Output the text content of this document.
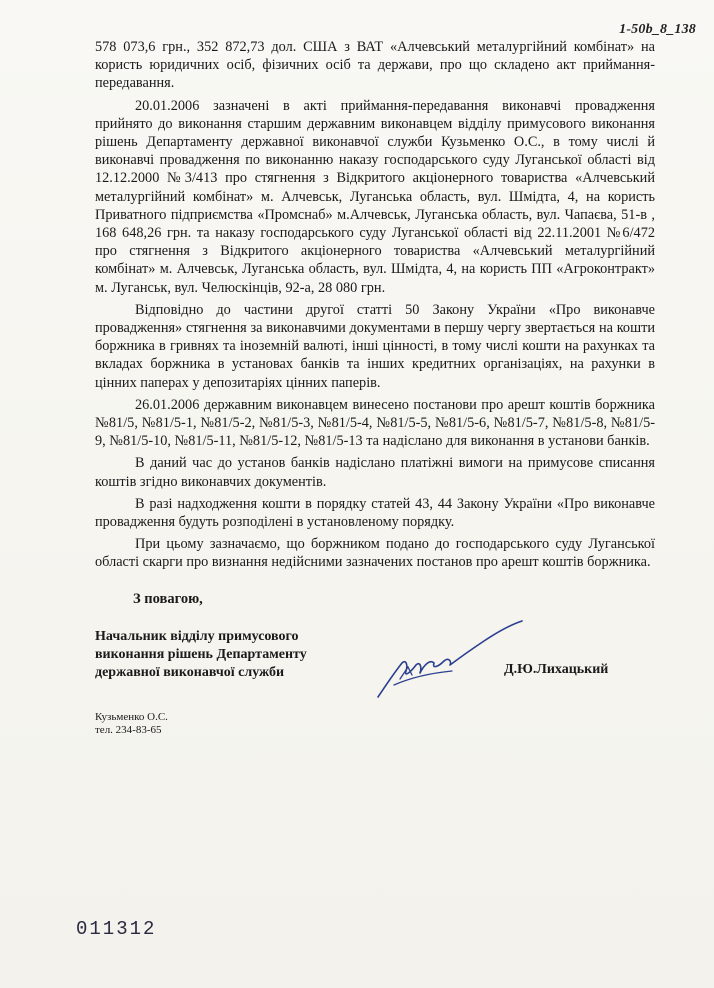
1-50b_8_138

578 073,6 грн., 352 872,73 дол. США з ВАТ «Алчевський металургійний комбінат» на користь юридичних осіб, фізичних осіб та держави, про що складено акт приймання-передавання.

20.01.2006 зазначені в акті приймання-передавання виконавчі провадження прийнято до виконання старшим державним виконавцем відділу примусового виконання рішень Департаменту державної виконавчої служби Кузьменко О.С., в тому числі й виконавчі провадження по виконанню наказу господарського суду Луганської області від 12.12.2000 №3/413 про стягнення з Відкритого акціонерного товариства «Алчевський металургійний комбінат» м. Алчевськ, Луганська область, вул. Шмідта, 4, на користь Приватного підприємства «Промснаб» м.Алчевськ, Луганська область, вул. Чапаєва, 51-в , 168 648,26 грн. та наказу господарського суду Луганської області від 22.11.2001 №6/472 про стягнення з Відкритого акціонерного товариства «Алчевський металургійний комбінат» м. Алчевськ, Луганська область, вул. Шмідта, 4, на користь ПП «Агроконтракт» м. Луганськ, вул. Челюскінців, 92-а, 28 080 грн.

Відповідно до частини другої статті 50 Закону України «Про виконавче провадження» стягнення за виконавчими документами в першу чергу звертається на кошти боржника в гривнях та іноземній валюті, інші цінності, в тому числі кошти на рахунках та вкладах боржника в установах банків та інших кредитних організаціях, на рахунки в цінних паперах у депозитаріях цінних паперів.

26.01.2006 державним виконавцем винесено постанови про арешт коштів боржника №81/5, №81/5-1, №81/5-2, №81/5-3, №81/5-4, №81/5-5, №81/5-6, №81/5-7, №81/5-8, №81/5-9, №81/5-10, №81/5-11, №81/5-12, №81/5-13 та надіслано для виконання в установи банків.

В даний час до установ банків надіслано платіжні вимоги на примусове списання коштів згідно виконавчих документів.

В разі надходження кошти в порядку статей 43, 44 Закону України «Про виконавче провадження будуть розподілені в установленому порядку.

При цьому зазначаємо, що боржником подано до господарського суду Луганської області скарги про визнання недійсними зазначених постанов про арешт коштів боржника.

З повагою,
Начальник відділу примусового
виконання рішень Департаменту
державної виконавчої служби	Д.Ю.Лихацький
Кузьменко О.С.
тел. 234-83-65
011312
